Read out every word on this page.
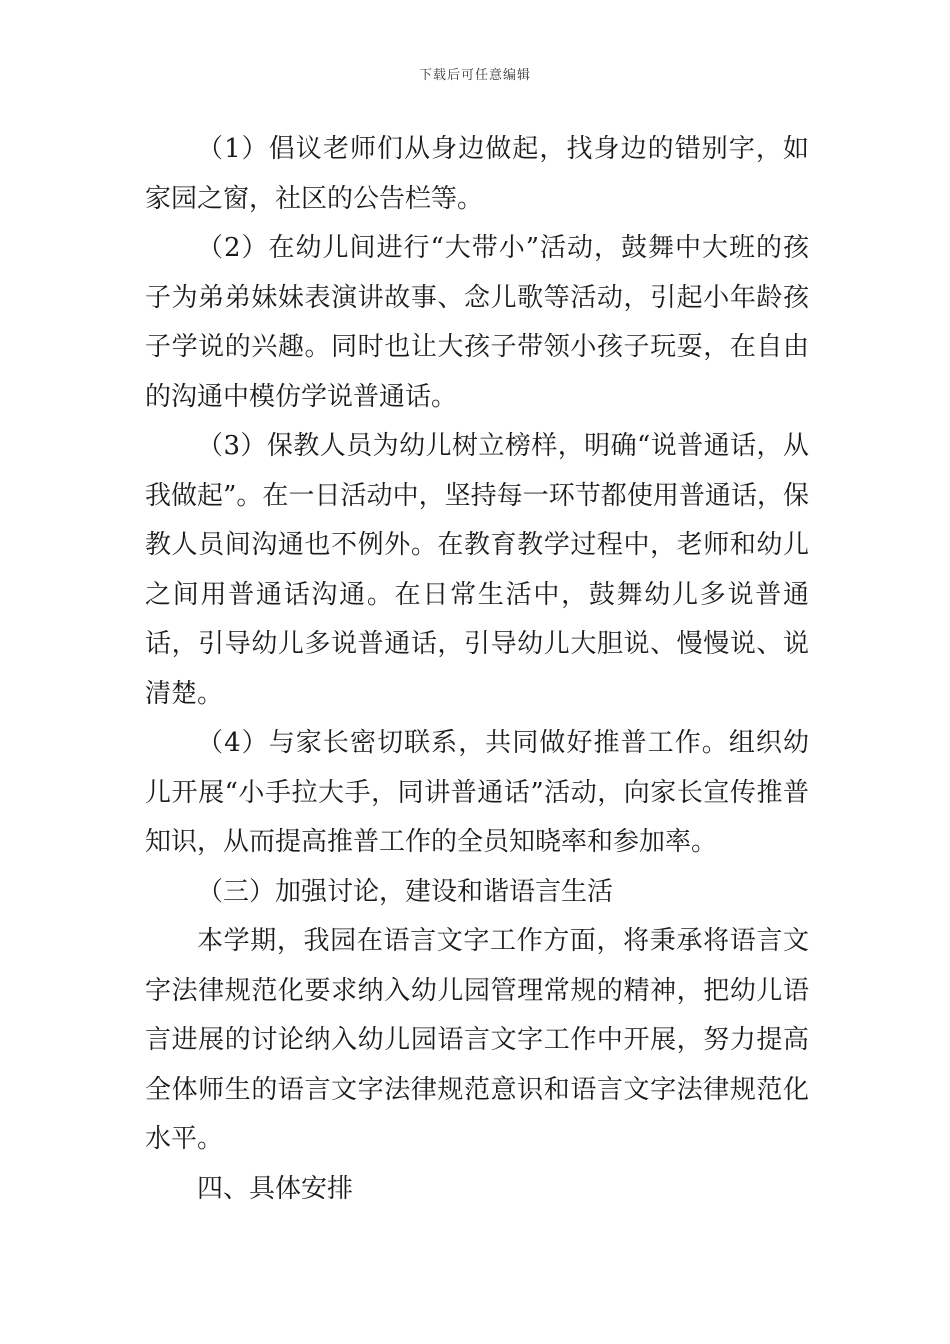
下载后可任意编辑

（1）倡议老师们从身边做起，找身边的错别字，如家园之窗，社区的公告栏等。

（2）在幼儿间进行“大带小”活动，鼓舞中大班的孩子为弟弟妹妹表演讲故事、念儿歌等活动，引起小年龄孩子学说的兴趣。同时也让大孩子带领小孩子玩耍，在自由的沟通中模仿学说普通话。

（3）保教人员为幼儿树立榜样，明确“说普通话，从我做起”。在一日活动中，坚持每一环节都使用普通话，保教人员间沟通也不例外。在教育教学过程中，老师和幼儿之间用普通话沟通。在日常生活中，鼓舞幼儿多说普通话，引导幼儿多说普通话，引导幼儿大胆说、慢慢说、说清楚。

（4）与家长密切联系，共同做好推普工作。组织幼儿开展“小手拉大手，同讲普通话”活动，向家长宣传推普知识，从而提高推普工作的全员知晓率和参加率。

（三）加强讨论，建设和谐语言生活

本学期，我园在语言文字工作方面，将秉承将语言文字法律规范化要求纳入幼儿园管理常规的精神，把幼儿语言进展的讨论纳入幼儿园语言文字工作中开展，努力提高全体师生的语言文字法律规范意识和语言文字法律规范化水平。

四、具体安排
